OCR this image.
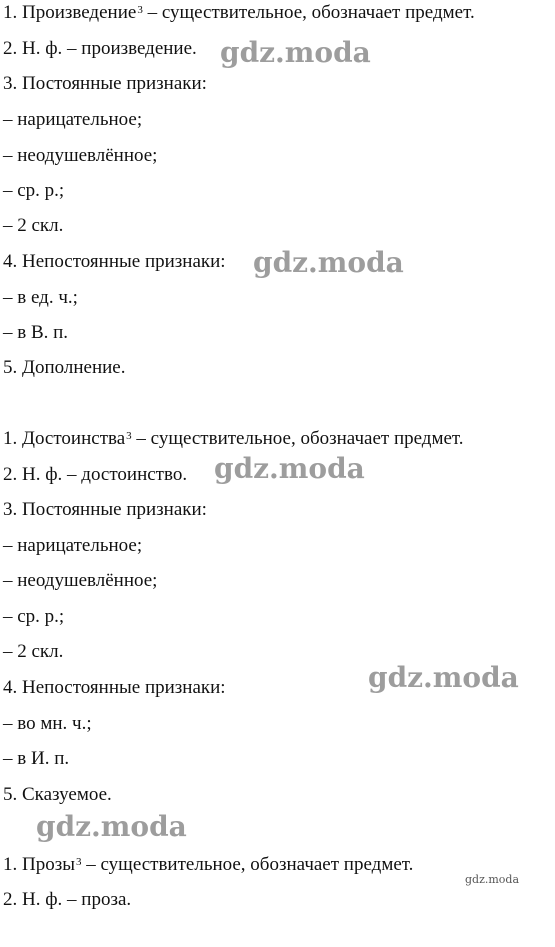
1. Произведение$^3$ – существительное, обозначает предмет.
2. Н. ф. – произведение.
3. Постоянные признаки:
– нарицательное;
– неодушевлённое;
– ср. р.;
– 2 скл.
4. Непостоянные признаки:
– в ед. ч.;
– в В. п.
5. Дополнение.
1. Достоинства$^3$ – существительное, обозначает предмет.
2. Н. ф. – достоинство.
3. Постоянные признаки:
– нарицательное;
– неодушевлённое;
– ср. р.;
– 2 скл.
4. Непостоянные признаки:
– во мн. ч.;
– в И. п.
5. Сказуемое.
1. Прозы$^3$ – существительное, обозначает предмет.
2. Н. ф. – проза.
gdz.moda
gdz.moda
gdz.moda
gdz.moda
gdz.moda
gdz.moda
